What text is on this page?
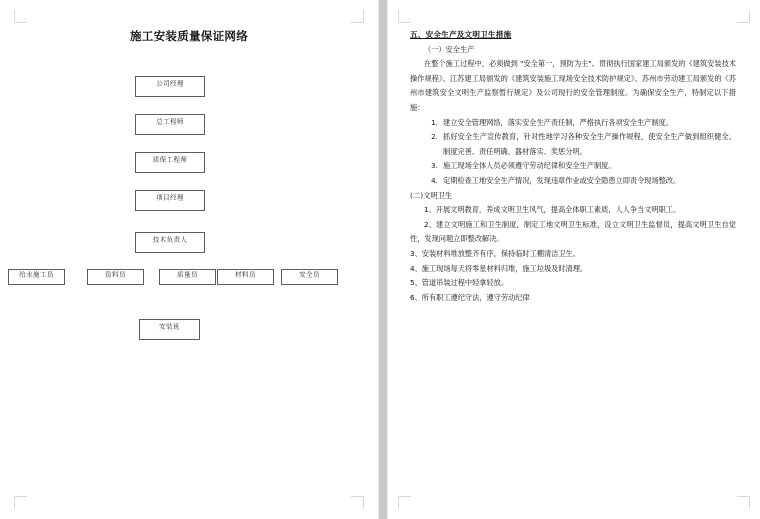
施工安装质量保证网络
公司经理
总工程师
质保工程师
项目经理
技术负责人
给水施工员	资料员	质量员	材料员	安全员
安装班
五、安全生产及文明卫生措施
（一）安全生产
在整个施工过程中，必须做到 "安全第一，预防为主"。贯彻执行国家建工局颁发的《建筑安装技术操作规程》、江苏建工局颁发的《建筑安装施工现场安全技术防护规定》、苏州市劳动建工局颁发的《苏州市建筑安全文明生产监察暂行规定》及公司现行的安全管理制度。为确保安全生产，特制定以下措施：
1. 建立安全管理网络，落实安全生产责任制，严格执行各项安全生产制度。
2. 抓好安全生产宣传教育，针对性地学习各种安全生产操作规程，使安全生产做到组织健全、制度完善、责任明确、器材落实、奖惩分明。
3. 施工现场全体人员必须遵守劳动纪律和安全生产制度。
4. 定期检查工地安全生产情况，发现违章作业或安全隐患立即责令现场整改。
(二)文明卫生
1、开展文明教育，养成文明卫生风气，提高全体职工素质，人人争当文明职工。
2、建立文明施工和卫生制度，制定工地文明卫生标准，设立文明卫生监督员，提高文明卫生自觉性，发现问题立即整改解决。
3、安装材料堆放整齐有序，保持临时工棚清洁卫生。
4、施工现场每天将零星材料归堆，施工垃圾及时清理。
5、管道吊装过程中轻拿轻放。
6、所有职工遵纪守法，遵守劳动纪律
